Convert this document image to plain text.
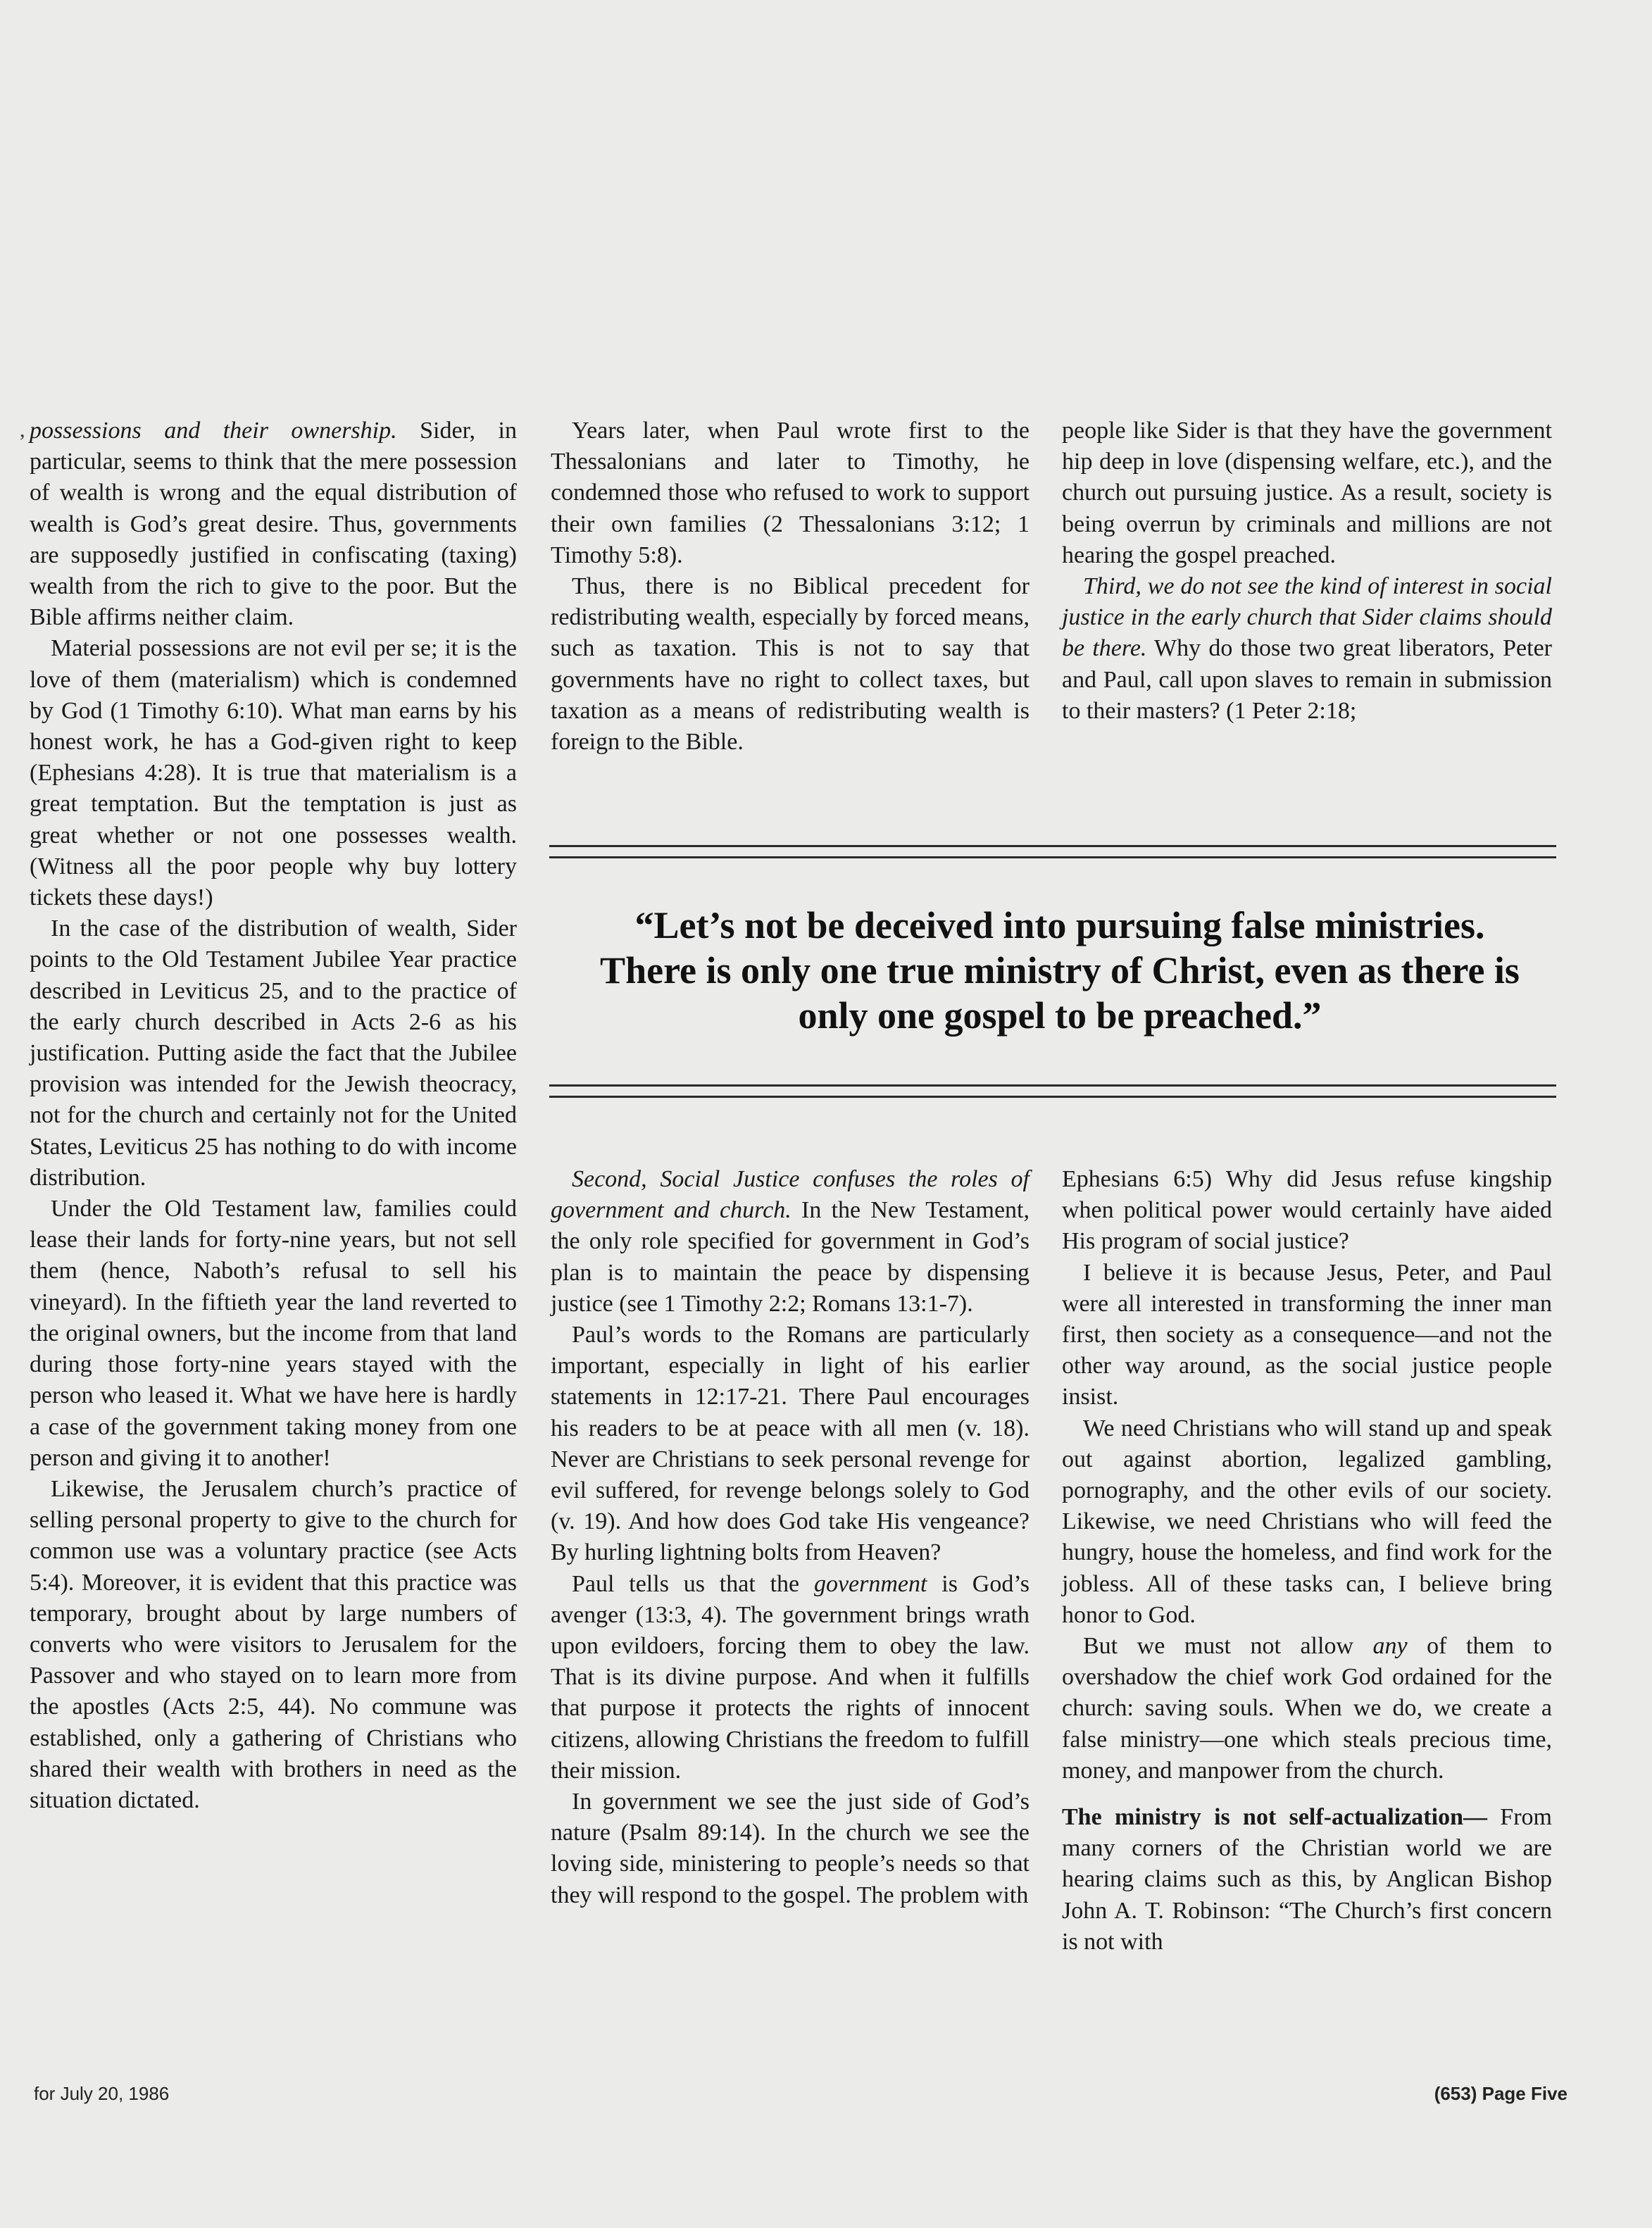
, possessions and their ownership. Sider, in particular, seems to think that the mere possession of wealth is wrong and the equal distribution of wealth is God’s great desire. Thus, governments are supposedly justified in confiscating (taxing) wealth from the rich to give to the poor. But the Bible affirms neither claim.

Material possessions are not evil per se; it is the love of them (materialism) which is condemned by God (1 Timothy 6:10). What man earns by his honest work, he has a God-given right to keep (Ephesians 4:28). It is true that materialism is a great temptation. But the temptation is just as great whether or not one possesses wealth. (Witness all the poor people why buy lottery tickets these days!)

In the case of the distribution of wealth, Sider points to the Old Testament Jubilee Year practice described in Leviticus 25, and to the practice of the early church described in Acts 2-6 as his justification. Putting aside the fact that the Jubilee provision was intended for the Jewish theocracy, not for the church and certainly not for the United States, Leviticus 25 has nothing to do with income distribution.

Under the Old Testament law, families could lease their lands for forty-nine years, but not sell them (hence, Naboth’s refusal to sell his vineyard). In the fiftieth year the land reverted to the original owners, but the income from that land during those forty-nine years stayed with the person who leased it. What we have here is hardly a case of the government taking money from one person and giving it to another!

Likewise, the Jerusalem church’s practice of selling personal property to give to the church for common use was a voluntary practice (see Acts 5:4). Moreover, it is evident that this practice was temporary, brought about by large numbers of converts who were visitors to Jerusalem for the Passover and who stayed on to learn more from the apostles (Acts 2:5, 44). No commune was established, only a gathering of Christians who shared their wealth with brothers in need as the situation dictated.

Years later, when Paul wrote first to the Thessalonians and later to Timothy, he condemned those who refused to work to support their own families (2 Thessalonians 3:12; 1 Timothy 5:8).

Thus, there is no Biblical precedent for redistributing wealth, especially by forced means, such as taxation. This is not to say that governments have no right to collect taxes, but taxation as a means of redistributing wealth is foreign to the Bible.

people like Sider is that they have the government hip deep in love (dispensing welfare, etc.), and the church out pursuing justice. As a result, society is being overrun by criminals and millions are not hearing the gospel preached.

Third, we do not see the kind of interest in social justice in the early church that Sider claims should be there. Why do those two great liberators, Peter and Paul, call upon slaves to remain in submission to their masters? (1 Peter 2:18;

“Let’s not be deceived into pursuing false ministries. There is only one true ministry of Christ, even as there is only one gospel to be preached.”

Second, Social Justice confuses the roles of government and church. In the New Testament, the only role specified for government in God’s plan is to maintain the peace by dispensing justice (see 1 Timothy 2:2; Romans 13:1-7).

Paul’s words to the Romans are particularly important, especially in light of his earlier statements in 12:17-21. There Paul encourages his readers to be at peace with all men (v. 18). Never are Christians to seek personal revenge for evil suffered, for revenge belongs solely to God (v. 19). And how does God take His vengeance? By hurling lightning bolts from Heaven?

Paul tells us that the government is God’s avenger (13:3, 4). The government brings wrath upon evildoers, forcing them to obey the law. That is its divine purpose. And when it fulfills that purpose it protects the rights of innocent citizens, allowing Christians the freedom to fulfill their mission.

In government we see the just side of God’s nature (Psalm 89:14). In the church we see the loving side, ministering to people’s needs so that they will respond to the gospel. The problem with

Ephesians 6:5) Why did Jesus refuse kingship when political power would certainly have aided His program of social justice?

I believe it is because Jesus, Peter, and Paul were all interested in transforming the inner man first, then society as a consequence—and not the other way around, as the social justice people insist.

We need Christians who will stand up and speak out against abortion, legalized gambling, pornography, and the other evils of our society. Likewise, we need Christians who will feed the hungry, house the homeless, and find work for the jobless. All of these tasks can, I believe bring honor to God.

But we must not allow any of them to overshadow the chief work God ordained for the church: saving souls. When we do, we create a false ministry—one which steals precious time, money, and manpower from the church.

The ministry is not self-actualization— From many corners of the Christian world we are hearing claims such as this, by Anglican Bishop John A. T. Robinson: “The Church’s first concern is not with

for July 20, 1986	(653) Page Five
